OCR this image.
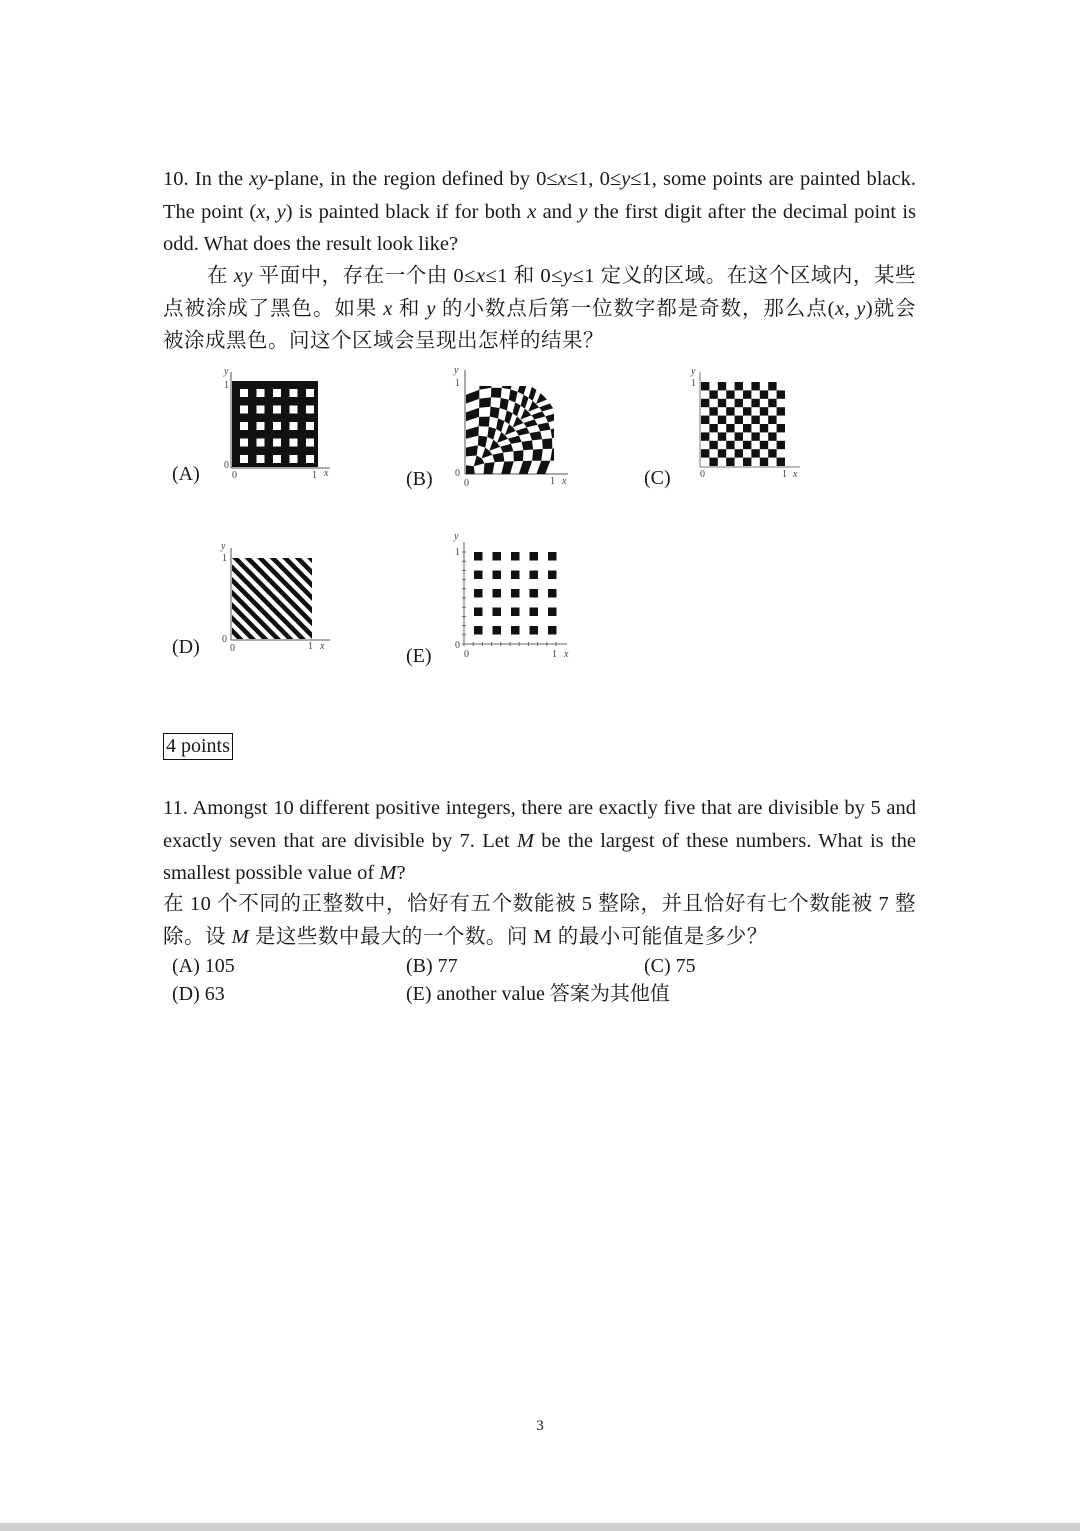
10. In the xy-plane, in the region defined by 0≤x≤1, 0≤y≤1, some points are painted black. The point (x, y) is painted black if for both x and y the first digit after the decimal point is odd. What does the result look like?

在 xy 平面中，存在一个由 0≤x≤1 和 0≤y≤1 定义的区域。在这个区域内，某些点被涂成了黑色。如果 x 和 y 的小数点后第一位数字都是奇数，那么点(x, y)就会被涂成黑色。问这个区域会呈现出怎样的结果？

(A)	(B)	(C)
(D)	(E)
y
1
0
0	1 x
y
1
0
0	1 x
y
1
0	1 x
y
1
0
0	1 x
y
1
0
0	1 x
4 points

11. Amongst 10 different positive integers, there are exactly five that are divisible by 5 and exactly seven that are divisible by 7. Let M be the largest of these numbers. What is the smallest possible value of M?

在 10 个不同的正整数中，恰好有五个数能被 5 整除，并且恰好有七个数能被 7 整除。设 M 是这些数中最大的一个数。问 M 的最小可能值是多少？

(A) 105	(B) 77	(C) 75
(D) 63	(E) another value 答案为其他值
3
